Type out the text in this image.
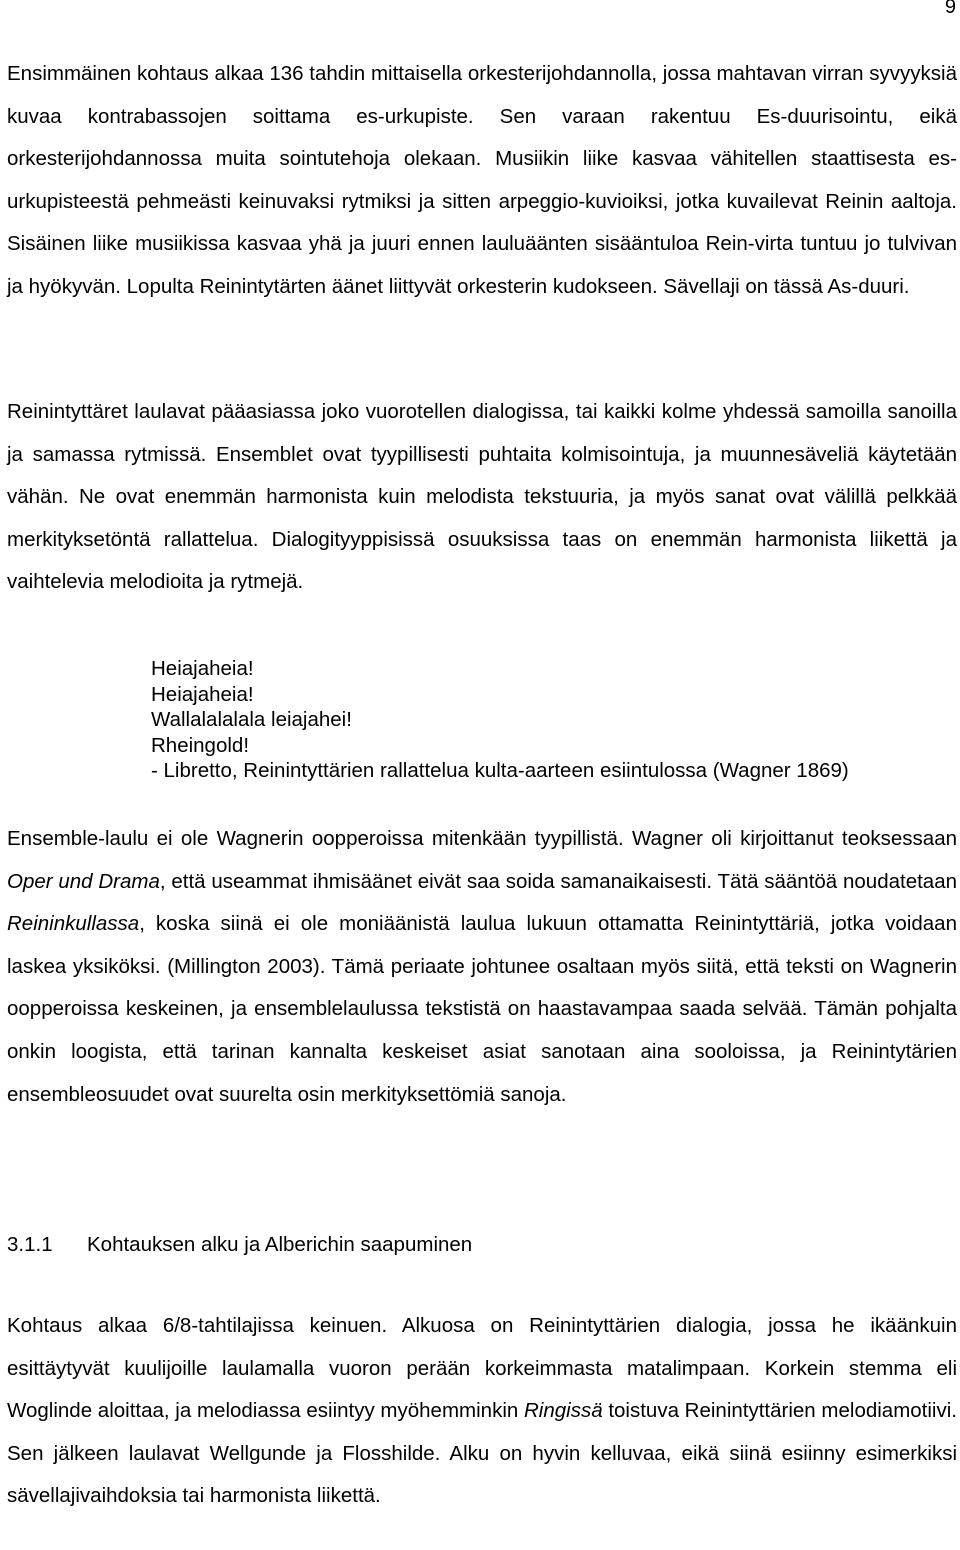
9

Ensimmäinen kohtaus alkaa 136 tahdin mittaisella orkesterijohdannolla, jossa mahtavan virran syvyyksiä kuvaa kontrabassojen soittama es-urkupiste. Sen varaan rakentuu Es-duurisointu, eikä orkesterijohdannossa muita sointutehoja olekaan. Musiikin liike kasvaa vähitellen staattisesta es-urkupisteestä pehmeästi keinuvaksi rytmiksi ja sitten arpeggio-kuvioiksi, jotka kuvailevat Reinin aaltoja. Sisäinen liike musiikissa kasvaa yhä ja juuri ennen lauluäänten sisääntuloa Rein-virta tuntuu jo tulvivan ja hyökyvän. Lopulta Reinintytärten äänet liittyvät orkesterin kudokseen. Sävellaji on tässä As-duuri.

Reinintyttäret laulavat pääasiassa joko vuorotellen dialogissa, tai kaikki kolme yhdessä samoilla sanoilla ja samassa rytmissä. Ensemblet ovat tyypillisesti puhtaita kolmisointuja, ja muunnesäveliä käytetään vähän. Ne ovat enemmän harmonista kuin melodista tekstuuria, ja myös sanat ovat välillä pelkkää merkityksetöntä rallattelua. Dialogityyppisissä osuuksissa taas on enemmän harmonista liikettä ja vaihtelevia melodioita ja rytmejä.

Heiajaheia!
Heiajaheia!
Wallalalalala leiajahei!
Rheingold!
- Libretto, Reinintyttärien rallattelua kulta-aarteen esiintulossa (Wagner 1869)

Ensemble-laulu ei ole Wagnerin oopperoissa mitenkään tyypillistä. Wagner oli kirjoittanut teoksessaan Oper und Drama, että useammat ihmisäänet eivät saa soida samanaikaisesti. Tätä sääntöä noudatetaan Reininkullassa, koska siinä ei ole moniäänistä laulua lukuun ottamatta Reinintyttäriä, jotka voidaan laskea yksiköksi. (Millington 2003). Tämä periaate johtunee osaltaan myös siitä, että teksti on Wagnerin oopperoissa keskeinen, ja ensemblelaulussa tekstistä on haastavampaa saada selvää. Tämän pohjalta onkin loogista, että tarinan kannalta keskeiset asiat sanotaan aina sooloissa, ja Reinintytärien ensembleosuudet ovat suurelta osin merkityksettömiä sanoja.

3.1.1 Kohtauksen alku ja Alberichin saapuminen

Kohtaus alkaa 6/8-tahtilajissa keinuen. Alkuosa on Reinintyttärien dialogia, jossa he ikäänkuin esittäytyvät kuulijoille laulamalla vuoron perään korkeimmasta matalimpaan. Korkein stemma eli Woglinde aloittaa, ja melodiassa esiintyy myöhemminkin Ringissä toistuva Reinintyttärien melodiamotiivi. Sen jälkeen laulavat Wellgunde ja Flosshilde. Alku on hyvin kelluvaa, eikä siinä esiinny esimerkiksi sävellajivaihdoksia tai harmonista liikettä.
